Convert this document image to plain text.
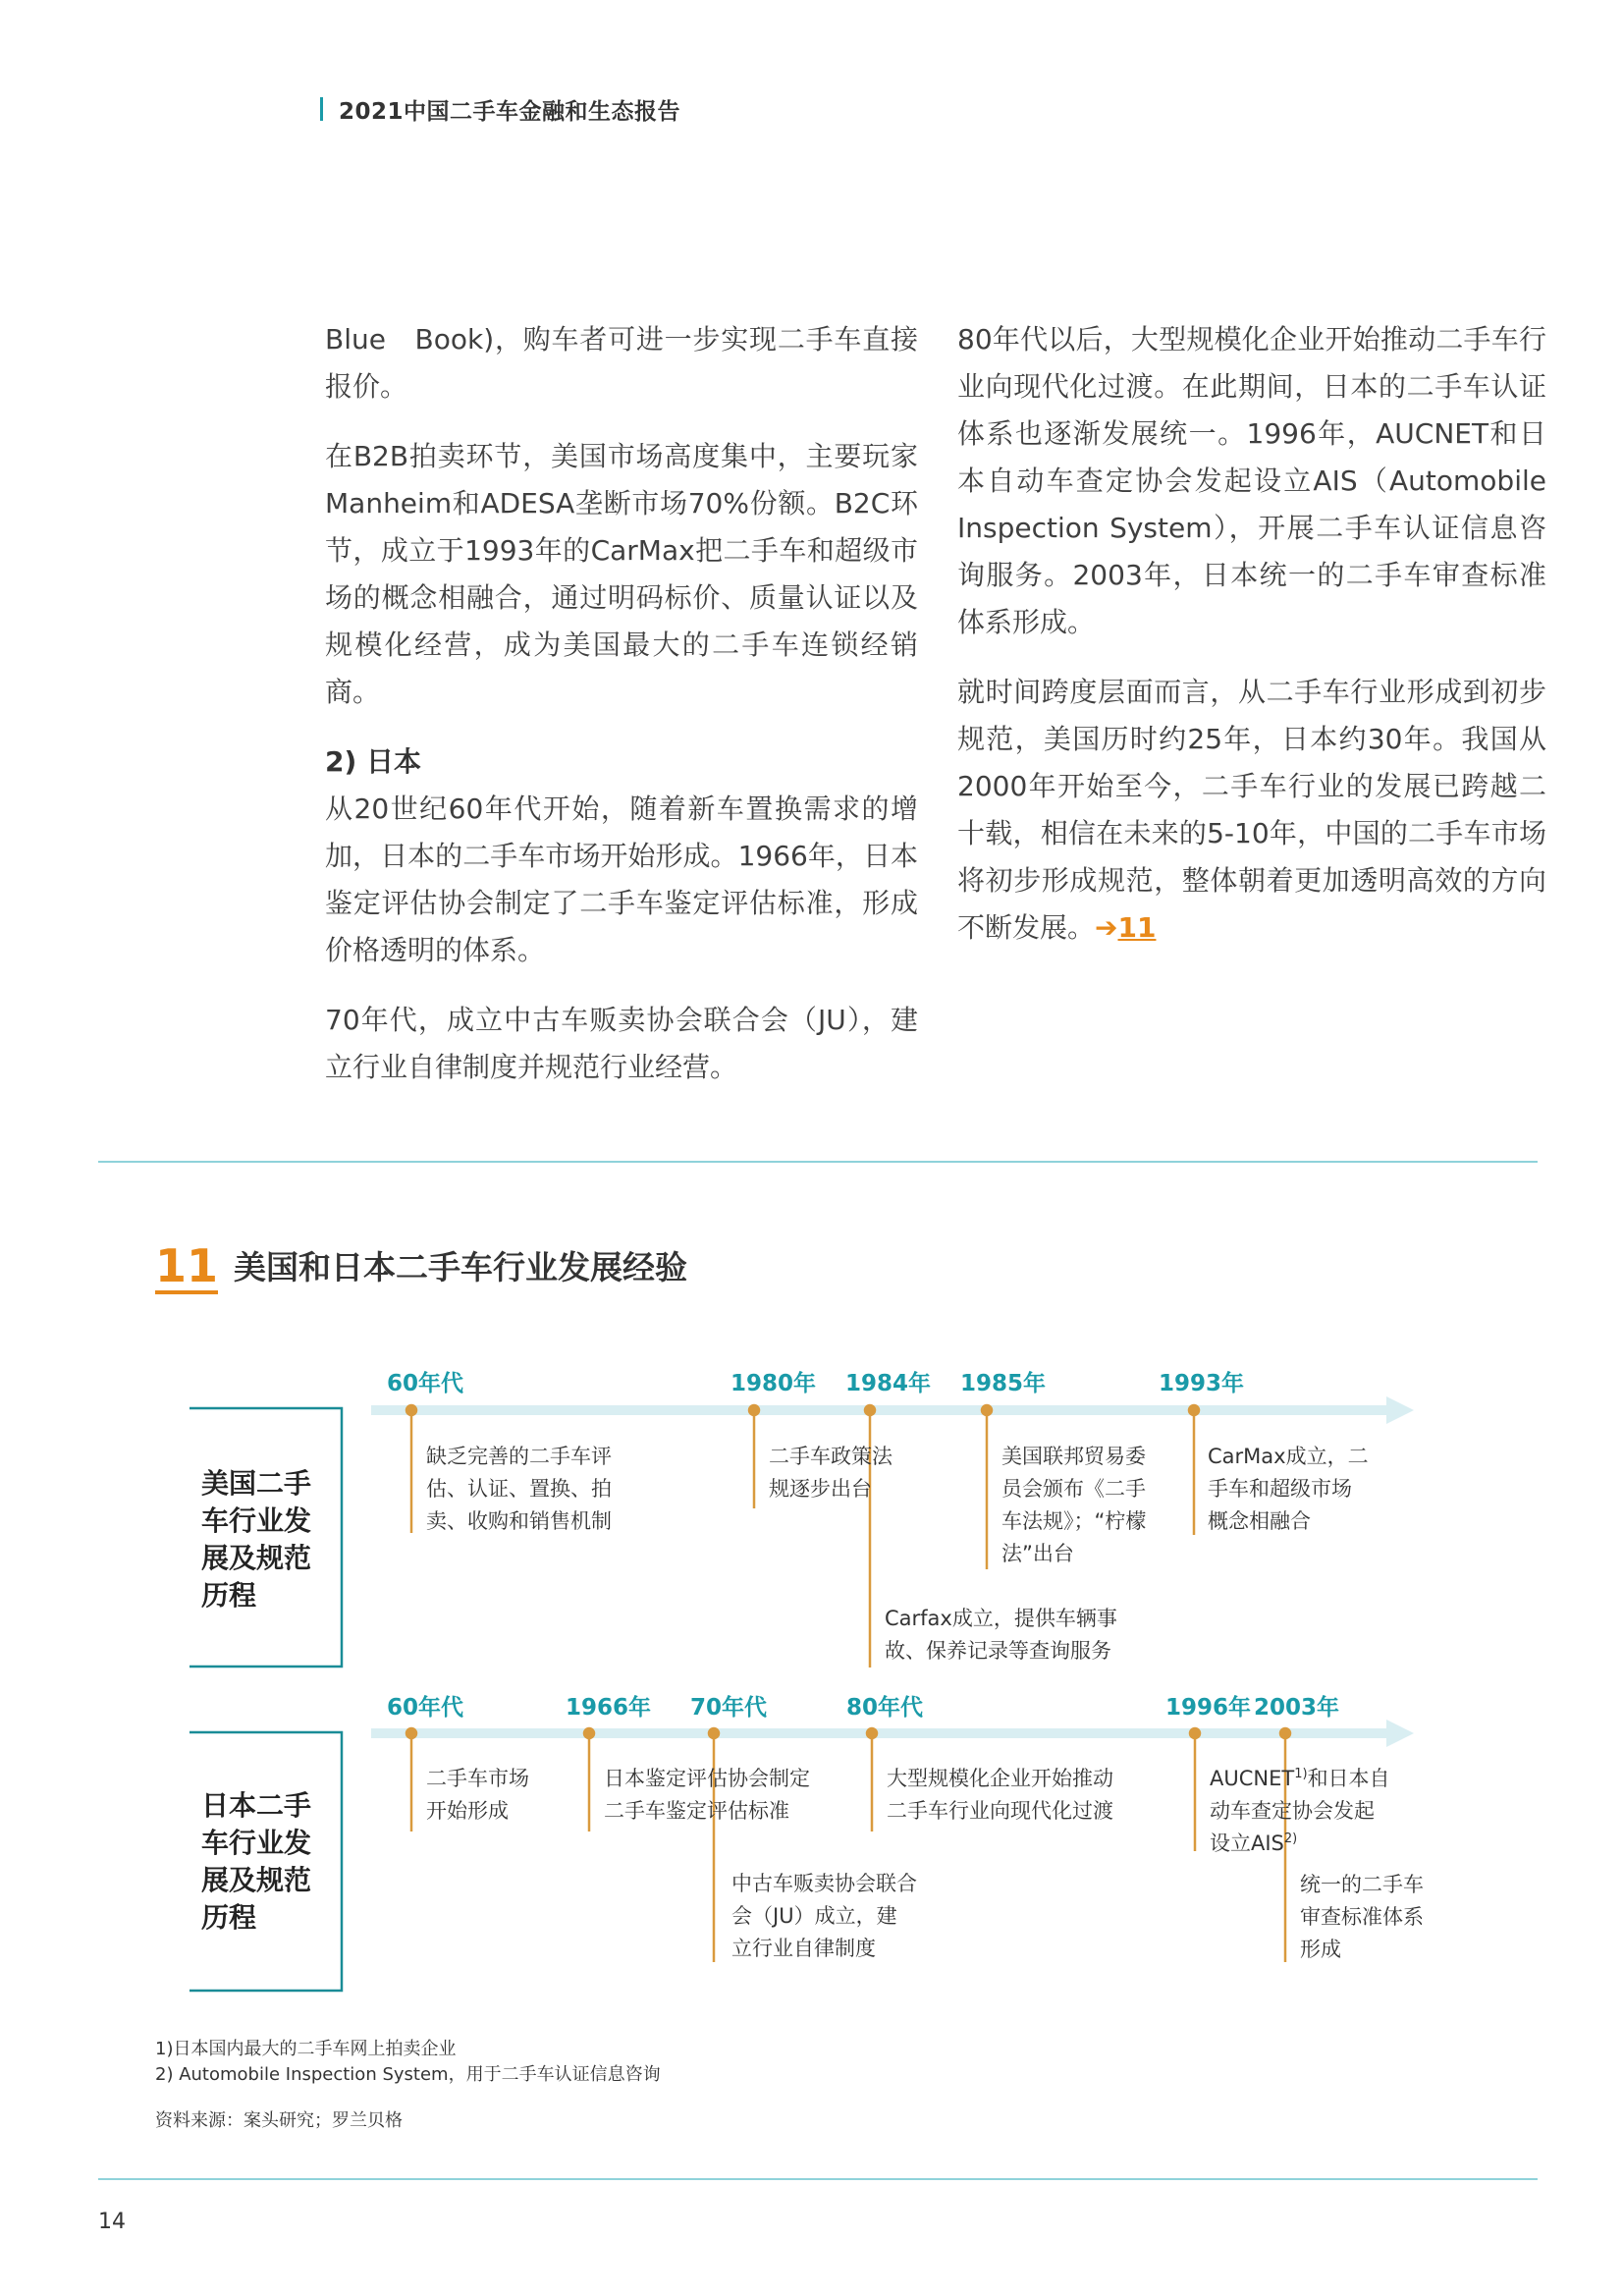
2021中国二手车金融和生态报告

Blue　Book)，购车者可进一步实现二手车直接报价。

在B2B拍卖环节，美国市场高度集中，主要玩家Manheim和ADESA垄断市场70%份额。B2C环节，成立于1993年的CarMax把二手车和超级市场的概念相融合，通过明码标价、质量认证以及规模化经营，成为美国最大的二手车连锁经销商。

2) 日本

从20世纪60年代开始，随着新车置换需求的增加，日本的二手车市场开始形成。1966年，日本鉴定评估协会制定了二手车鉴定评估标准，形成价格透明的体系。

70年代，成立中古车贩卖协会联合会（JU），建立行业自律制度并规范行业经营。

80年代以后，大型规模化企业开始推动二手车行业向现代化过渡。在此期间，日本的二手车认证体系也逐渐发展统一。1996年，AUCNET和日本自动车查定协会发起设立AIS（Automobile Inspection System），开展二手车认证信息咨询服务。2003年，日本统一的二手车审查标准体系形成。

就时间跨度层面而言，从二手车行业形成到初步规范，美国历时约25年，日本约30年。我国从2000年开始至今，二手车行业的发展已跨越二十载，相信在未来的5-10年，中国的二手车市场将初步形成规范，整体朝着更加透明高效的方向不断发展。➔11

11 美国和日本二手车行业发展经验
美国二手
车行业发
展及规范
历程
60年代	1980年 1984年 1985年	1993年
缺乏完善的二手车评
估、认证、置换、拍
卖、收购和销售机制
二手车政策法
规逐步出台
Carfax成立，提供车辆事
故、保养记录等查询服务
美国联邦贸易委
员会颁布《二手
车法规》；“柠檬
法”出台
CarMax成立，二
手车和超级市场
概念相融合
日本二手
车行业发
展及规范
历程
60年代	1966年 70年代	80年代	1996年 2003年
二手车市场
开始形成
日本鉴定评估协会制定
二手车鉴定评估标准
中古车贩卖协会联合
会（JU）成立，建
立行业自律制度
大型规模化企业开始推动
二手车行业向现代化过渡
AUCNET$^{1)}$和日本自
动车查定协会发起
设立AIS$^{2)}$
统一的二手车
审查标准体系
形成
1)日本国内最大的二手车网上拍卖企业
2) Automobile Inspection System，用于二手车认证信息咨询
资料来源：案头研究；罗兰贝格
14
